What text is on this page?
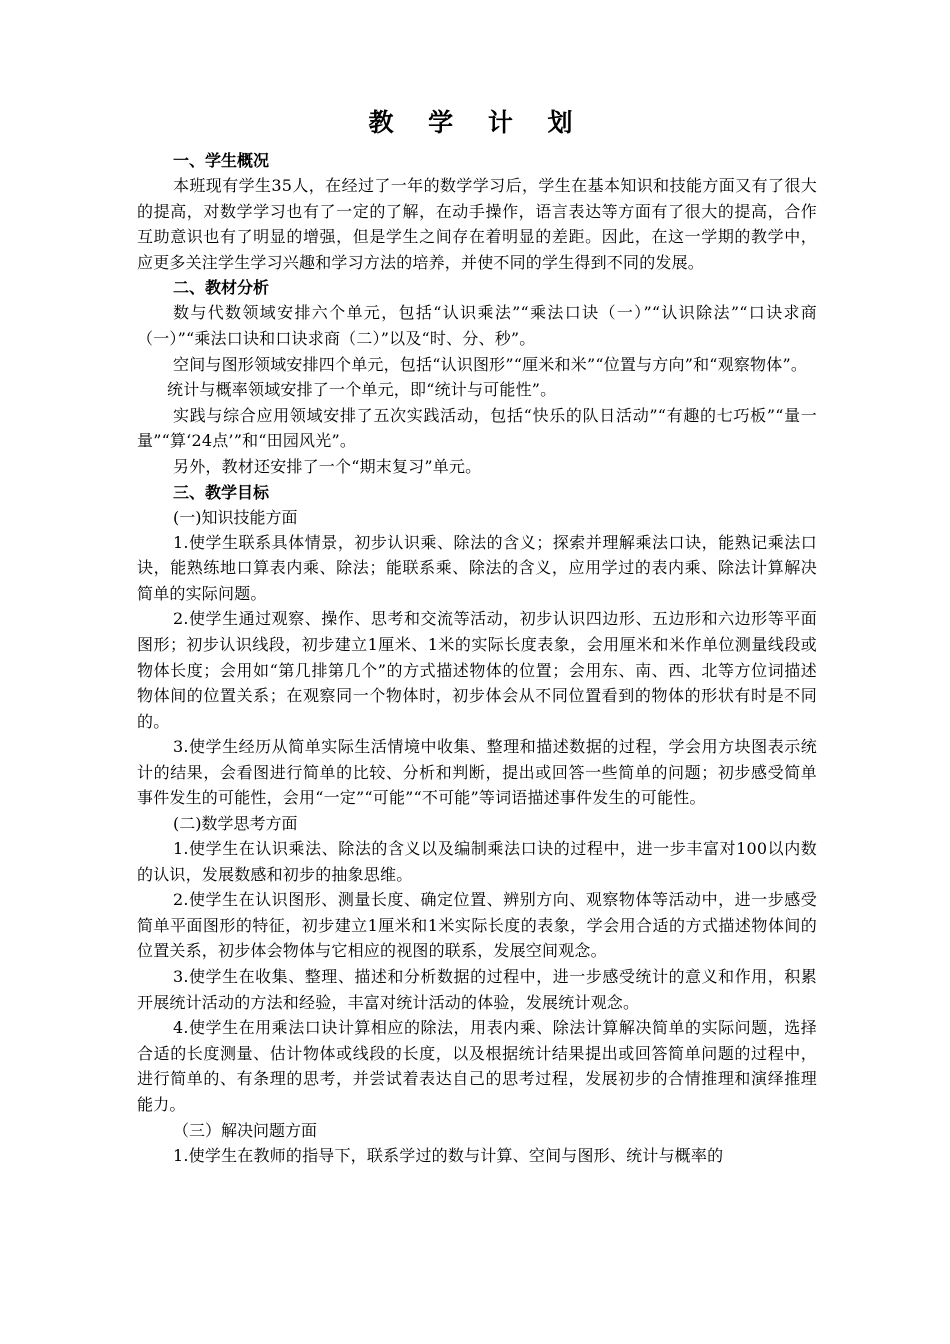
教 学 计 划
一、学生概况

本班现有学生35人，在经过了一年的数学学习后，学生在基本知识和技能方面又有了很大的提高，对数学学习也有了一定的了解，在动手操作，语言表达等方面有了很大的提高，合作互助意识也有了明显的增强，但是学生之间存在着明显的差距。因此，在这一学期的教学中，应更多关注学生学习兴趣和学习方法的培养，并使不同的学生得到不同的发展。

二、教材分析

数与代数领域安排六个单元，包括“认识乘法”“乘法口诀（一）”“认识除法”“口诀求商（一）”“乘法口诀和口诀求商（二）”以及“时、分、秒”。

空间与图形领域安排四个单元，包括“认识图形”“厘米和米”“位置与方向”和“观察物体”。

统计与概率领域安排了一个单元，即“统计与可能性”。

实践与综合应用领域安排了五次实践活动，包括“快乐的队日活动”“有趣的七巧板”“量一量”“算‘24点’”和“田园风光”。

另外，教材还安排了一个“期末复习”单元。

三、教学目标
(一)知识技能方面

1.使学生联系具体情景，初步认识乘、除法的含义；探索并理解乘法口诀，能熟记乘法口诀，能熟练地口算表内乘、除法；能联系乘、除法的含义，应用学过的表内乘、除法计算解决简单的实际问题。

2.使学生通过观察、操作、思考和交流等活动，初步认识四边形、五边形和六边形等平面图形；初步认识线段，初步建立1厘米、1米的实际长度表象，会用厘米和米作单位测量线段或物体长度；会用如“第几排第几个”的方式描述物体的位置；会用东、南、西、北等方位词描述物体间的位置关系；在观察同一个物体时，初步体会从不同位置看到的物体的形状有时是不同的。

3.使学生经历从简单实际生活情境中收集、整理和描述数据的过程，学会用方块图表示统计的结果，会看图进行简单的比较、分析和判断，提出或回答一些简单的问题；初步感受简单事件发生的可能性，会用“一定”“可能”“不可能”等词语描述事件发生的可能性。

(二)数学思考方面

1.使学生在认识乘法、除法的含义以及编制乘法口诀的过程中，进一步丰富对100以内数的认识，发展数感和初步的抽象思维。

2.使学生在认识图形、测量长度、确定位置、辨别方向、观察物体等活动中，进一步感受简单平面图形的特征，初步建立1厘米和1米实际长度的表象，学会用合适的方式描述物体间的位置关系，初步体会物体与它相应的视图的联系，发展空间观念。

3.使学生在收集、整理、描述和分析数据的过程中，进一步感受统计的意义和作用，积累开展统计活动的方法和经验，丰富对统计活动的体验，发展统计观念。

4.使学生在用乘法口诀计算相应的除法，用表内乘、除法计算解决简单的实际问题，选择合适的长度测量、估计物体或线段的长度，以及根据统计结果提出或回答简单问题的过程中，进行简单的、有条理的思考，并尝试着表达自己的思考过程，发展初步的合情推理和演绎推理能力。

（三）解决问题方面

1.使学生在教师的指导下，联系学过的数与计算、空间与图形、统计与概率的
